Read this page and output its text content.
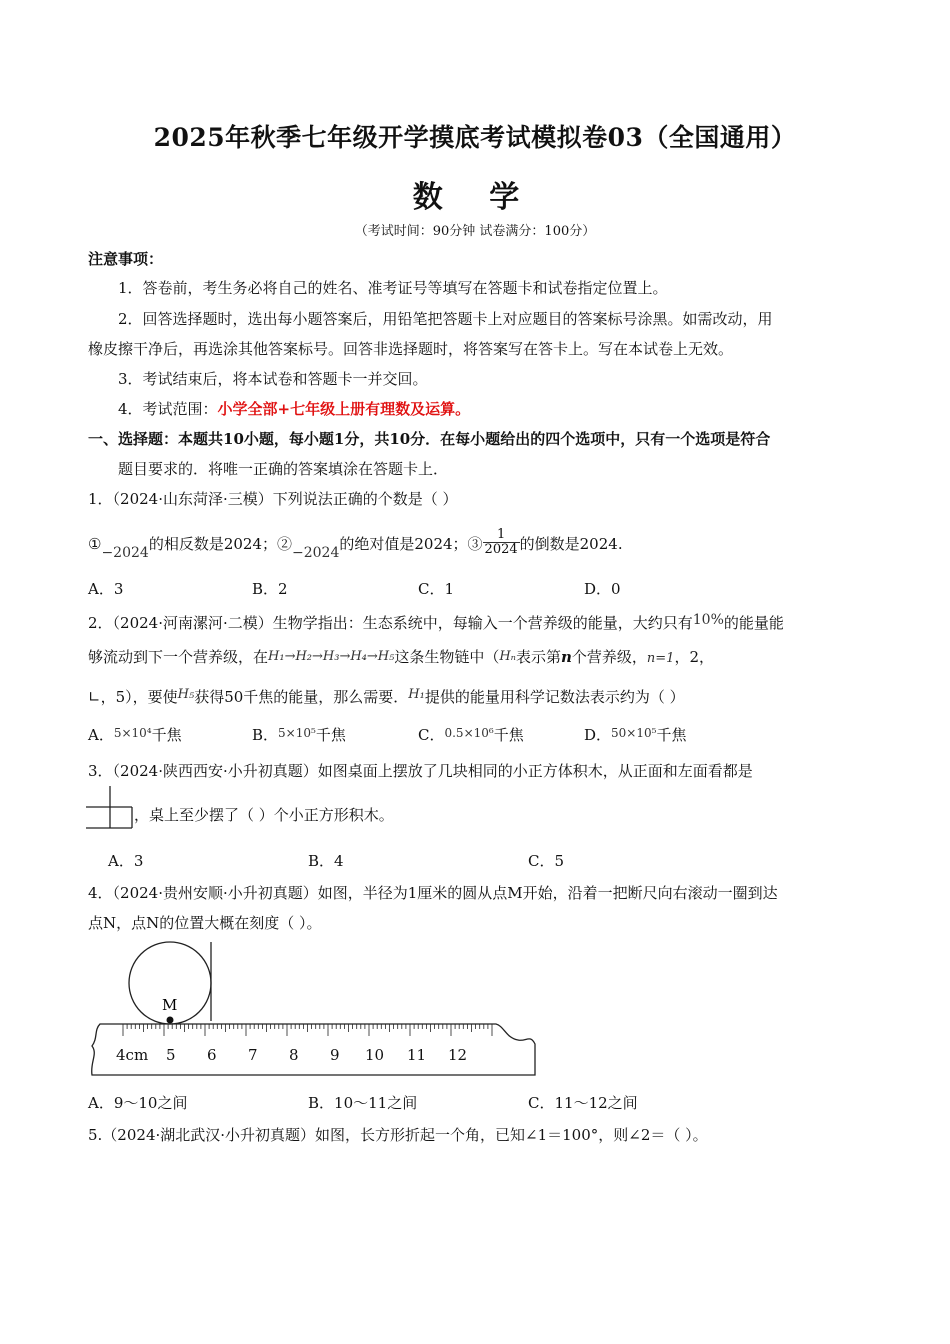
2025年秋季七年级开学摸底考试模拟卷03（全国通用）
数 学
（考试时间：90分钟 试卷满分：100分）
注意事项：
1．答卷前，考生务必将自己的姓名、准考证号等填写在答题卡和试卷指定位置上。
2．回答选择题时，选出每小题答案后，用铅笔把答题卡上对应题目的答案标号涂黑。如需改动，用
橡皮擦干净后，再选涂其他答案标号。回答非选择题时，将答案写在答卡上。写在本试卷上无效。
3．考试结束后，将本试卷和答题卡一并交回。
4．考试范围：小学全部+七年级上册有理数及运算。
一、选择题：本题共10小题，每小题1分，共10分．在每小题给出的四个选项中，只有一个选项是符合
题目要求的．将唯一正确的答案填涂在答题卡上．
1．（2024·山东菏泽·三模）下列说法正确的个数是（ ）
①−2024的相反数是2024；②−2024的绝对值是2024；③ $\frac{1}{2024}$ 的倒数是2024.
A．3	B．2	C．1	D．0
2．（2024·河南漯河·二模）生物学指出：生态系统中，每输入一个营养级的能量，大约只有10%的能量能
够流动到下一个营养级，在H₁→H₂→H₃→H₄→H₅这条生物链中（Hₙ表示第n个营养级，n=1，2，
∟，5），要使H₅获得50千焦的能量，那么需要．H₁提供的能量用科学记数法表示约为（ ）
A．$^{5\times 10^4}$千焦	B．$^{5\times 10^5}$千焦	C．$^{0.5\times 10^6}$千焦	D．$^{50\times 10^5}$千焦
3．（2024·陕西西安·小升初真题）如图桌面上摆放了几块相同的小正方体积木，从正面和左面看都是
，桌上至少摆了（ ）个小正方形积木。
A．3	B．4	C．5
4．（2024·贵州安顺·小升初真题）如图，半径为1厘米的圆从点M开始，沿着一把断尺向右滚动一圈到达
点N，点N的位置大概在刻度（ ）。
M
4cm 5 6 7 8 9 10 11 12
A．9～10之间	B．10～11之间	C．11～12之间
5.（2024·湖北武汉·小升初真题）如图，长方形折起一个角，已知∠1＝100°，则∠2＝（ ）。
